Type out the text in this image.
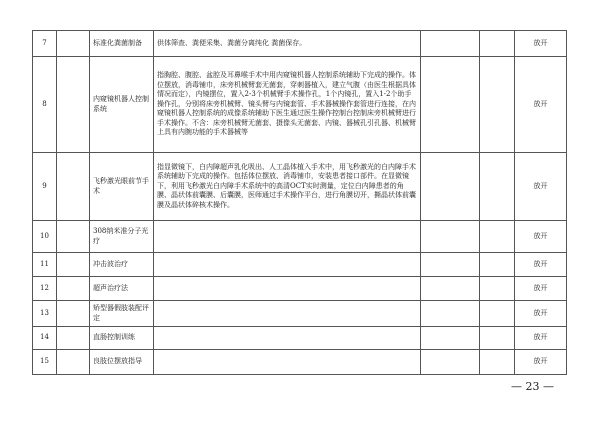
7		标准化粪菌制备	供体筛查、粪便采集、粪菌分离纯化 粪菌保存。			放开
8		内窥镜机器人控制系统	指胸腔、腹腔、盆腔及耳鼻喉手术中用内窥镜机器人控制系统辅助下完成的操作。体位摆放，消毒铺巾，床旁机械臂套无菌套，穿刺器植入，建立气腹（由医生根据具体情况而定），内镜摆位，置入2-3个机械臂手术操作孔，1个内镜孔，置入1-2个助手操作孔，分别将床旁机械臂、镜头臂与内镜套管、手术器械操作套管进行连接，在内窥镜机器人控制系统的成像系统辅助下医生通过医生操作控制台控制床旁机械臂进行手术操作。不含：床旁机械臂无菌套、摄像头无菌套、内镜、器械孔引孔器、机械臂上具有内腕功能的手术器械等			放开
9		飞秒激光眼前节手术	指显微镜下，白内障超声乳化吸出、人工晶体植入手术中，用飞秒激光的白内障手术系统辅助下完成的操作。包括体位摆放、消毒铺巾，安装患者接口部件。在显微镜下，利用飞秒激光白内障手术系统中的高清OCT实时测量，定位白内障患者的角膜、晶状体前囊膜、后囊膜，医师通过手术操作平台，进行角膜切开，撕晶状体前囊膜及晶状体碎核术操作。			放开
10		308纳米准分子光疗				放开
11		冲击波治疗				放开
12		超声治疗法				放开
13		矫型器假肢装配评定				放开
14		直肠控制训练				放开
15		良肢位摆放指导				放开
— 23 —
